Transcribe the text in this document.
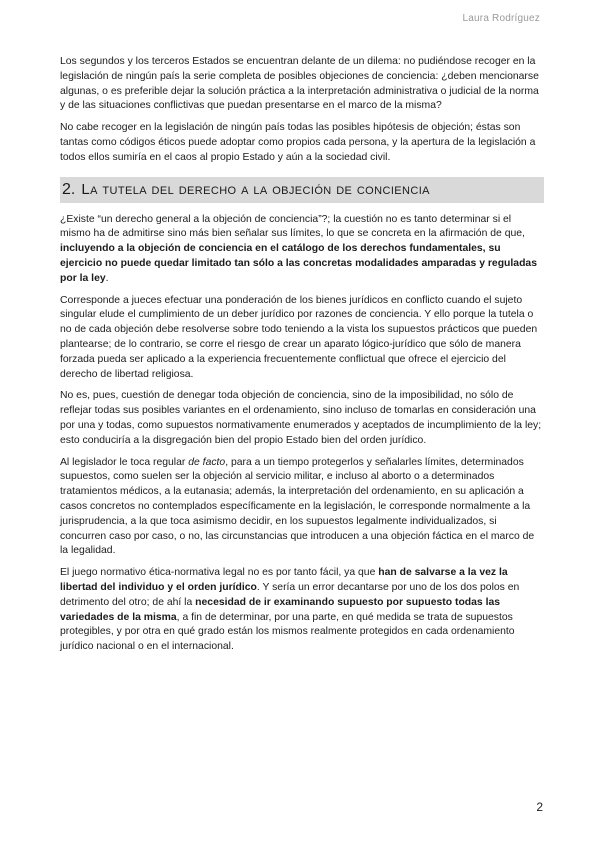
Laura Rodríguez

Los segundos y los terceros Estados se encuentran delante de un dilema: no pudiéndose recoger en la legislación de ningún país la serie completa de posibles objeciones de conciencia: ¿deben mencionarse algunas, o es preferible dejar la solución práctica a la interpretación administrativa o judicial de la norma y de las situaciones conflictivas que puedan presentarse en el marco de la misma?

No cabe recoger en la legislación de ningún país todas las posibles hipótesis de objeción; éstas son tantas como códigos éticos puede adoptar como propios cada persona, y la apertura de la legislación a todos ellos sumiría en el caos al propio Estado y aún a la sociedad civil.

2. La tutela del derecho a la objeción de conciencia

¿Existe “un derecho general a la objeción de conciencia”?; la cuestión no es tanto determinar si el mismo ha de admitirse sino más bien señalar sus límites, lo que se concreta en la afirmación de que, incluyendo a la objeción de conciencia en el catálogo de los derechos fundamentales, su ejercicio no puede quedar limitado tan sólo a las concretas modalidades amparadas y reguladas por la ley.

Corresponde a jueces efectuar una ponderación de los bienes jurídicos en conflicto cuando el sujeto singular elude el cumplimiento de un deber jurídico por razones de conciencia. Y ello porque la tutela o no de cada objeción debe resolverse sobre todo teniendo a la vista los supuestos prácticos que pueden plantearse; de lo contrario, se corre el riesgo de crear un aparato lógico-jurídico que sólo de manera forzada pueda ser aplicado a la experiencia frecuentemente conflictual que ofrece el ejercicio del derecho de libertad religiosa.

No es, pues, cuestión de denegar toda objeción de conciencia, sino de la imposibilidad, no sólo de reflejar todas sus posibles variantes en el ordenamiento, sino incluso de tomarlas en consideración una por una y todas, como supuestos normativamente enumerados y aceptados de incumplimiento de la ley; esto conduciría a la disgregación bien del propio Estado bien del orden jurídico.

Al legislador le toca regular de facto, para a un tiempo protegerlos y señalarles límites, determinados supuestos, como suelen ser la objeción al servicio militar, e incluso al aborto o a determinados tratamientos médicos, a la eutanasia; además, la interpretación del ordenamiento, en su aplicación a casos concretos no contemplados específicamente en la legislación, le corresponde normalmente a la jurisprudencia, a la que toca asimismo decidir, en los supuestos legalmente individualizados, si concurren caso por caso, o no, las circunstancias que introducen a una objeción fáctica en el marco de la legalidad.

El juego normativo ética-normativa legal no es por tanto fácil, ya que han de salvarse a la vez la libertad del individuo y el orden jurídico. Y sería un error decantarse por uno de los dos polos en detrimento del otro; de ahí la necesidad de ir examinando supuesto por supuesto todas las variedades de la misma, a fin de determinar, por una parte, en qué medida se trata de supuestos protegibles, y por otra en qué grado están los mismos realmente protegidos en cada ordenamiento jurídico nacional o en el internacional.

2
